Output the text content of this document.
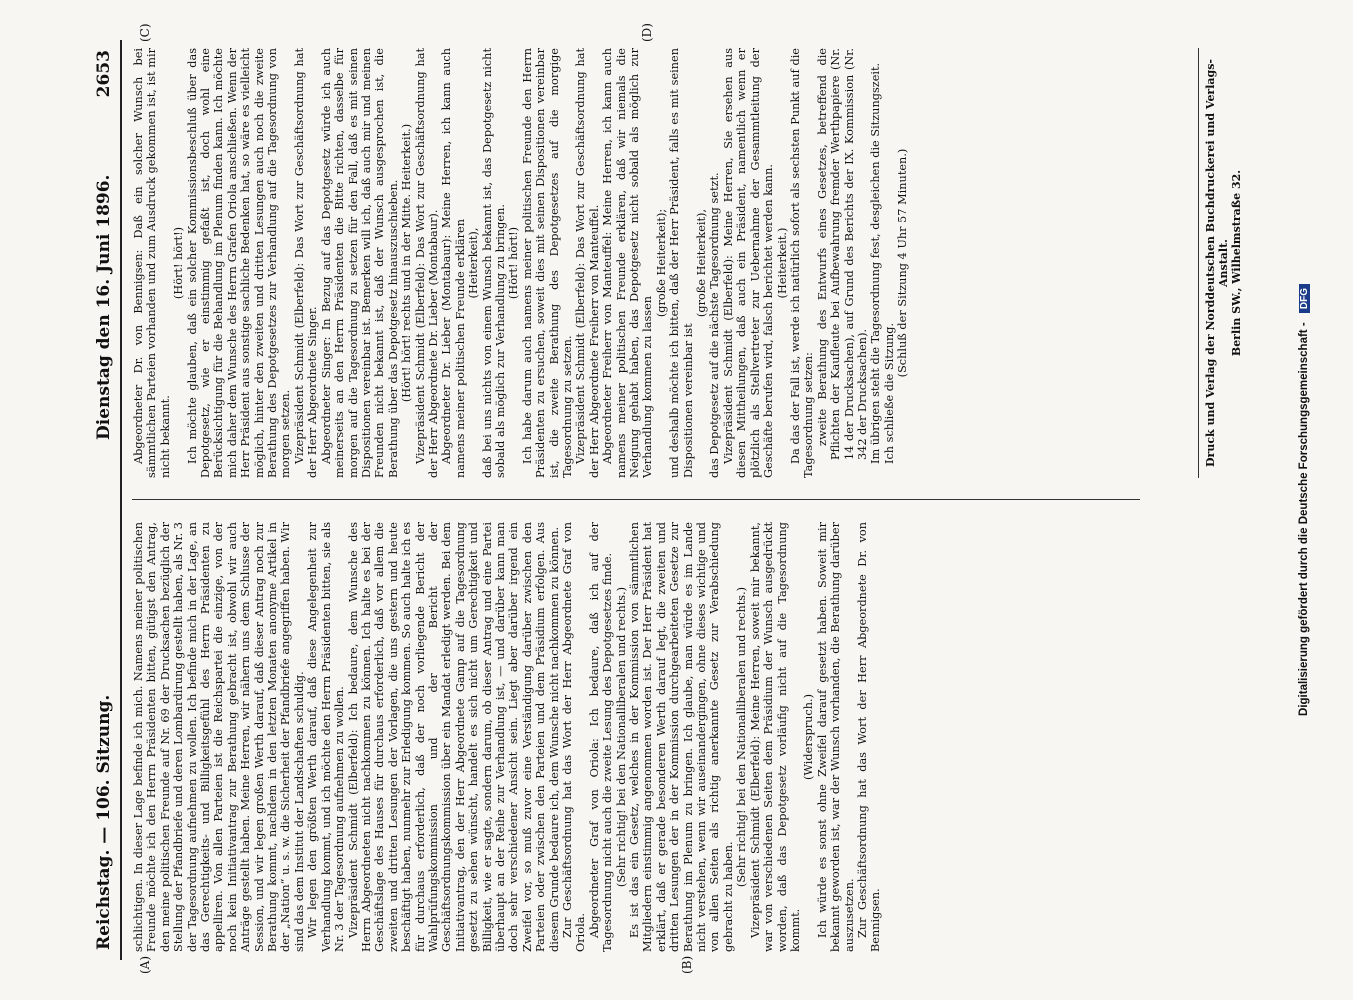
Reichstag. — 106. Sitzung.
Dienstag den 16. Juni 1896.
2653
(A)	(B)
(C)	(D)

schlichtigen. In dieser Lage befinde ich mich. Namens meiner politischen Freunde möchte ich den Herrn Präsidenten bitten, gütigst den Antrag, den meine politischen Freunde auf Nr. 69 der Drucksachen bezüglich der Stellung der Pfandbriefe und deren Lombardirung gestellt haben, als Nr. 3 der Tagesordnung aufnehmen zu wollen. Ich befinde mich in der Lage, an das Gerechtigkeits- und Billigkeitsgefühl des Herrn Präsidenten zu appelliren. Von allen Parteien ist die Reichspartei die einzige, von der noch kein Initiativantrag zur Berathung gebracht ist, obwohl wir auch Anträge gestellt haben. Meine Herren, wir nähern uns dem Schlusse der Session, und wir legen großen Werth darauf, daß dieser Antrag noch zur Berathung kommt, nachdem in den letzten Monaten anonyme Artikel in der „Nation“ u. s. w. die Sicherheit der Pfandbriefe angegriffen haben. Wir sind das dem Institut der Landschaften schuldig. Wir legen den größten Werth darauf, daß diese Angelegenheit zur Verhandlung kommt, und ich möchte den Herrn Präsidenten bitten, sie als Nr. 3 der Tagesordnung aufnehmen zu wollen. Vizepräsident Schmidt (Elberfeld): Ich bedaure, dem Wunsche des Herrn Abgeordneten nicht nachkommen zu können. Ich halte es bei der Geschäftslage des Hauses für durchaus erforderlich, daß vor allem die zweiten und dritten Lesungen der Vorlagen, die uns gestern und heute beschäftigt haben, nunmehr zur Erledigung kommen. So auch halte ich es für durchaus erforderlich, daß der noch vorliegende Bericht der Wahlprüfungskommission und der Bericht der Geschäftsordnungskommission über ein Mandat erledigt werden. Bei dem Initiativantrag, den der Herr Abgeordnete Gamp auf die Tagesordnung gesetzt zu sehen wünscht, handelt es sich nicht um Gerechtigkeit und Billigkeit, wie er sagte, sondern darum, ob dieser Antrag und eine Partei überhaupt an der Reihe zur Verhandlung ist, — und darüber kann man doch sehr verschiedener Ansicht sein. Liegt aber darüber irgend ein Zweifel vor, so muß zuvor eine Verständigung darüber zwischen den Parteien oder zwischen den Parteien und dem Präsidium erfolgen. Aus diesem Grunde bedaure ich, dem Wunsche nicht nachkommen zu können. Zur Geschäftsordnung hat das Wort der Herr Abgeordnete Graf von Oriola. Abgeordneter Graf von Oriola: Ich bedaure, daß ich auf der Tagesordnung nicht auch die zweite Lesung des Depotgesetzes finde. (Sehr richtig! bei den Nationalliberalen und rechts.) Es ist das ein Gesetz, welches in der Kommission von sämmtlichen Mitgliedern einstimmig angenommen worden ist. Der Herr Präsident hat erklärt, daß er gerade besonderen Werth darauf legt, die zweiten und dritten Lesungen der in der Kommission durchgearbeiteten Gesetze zur Berathung im Plenum zu bringen. Ich glaube, man würde es im Lande nicht verstehen, wenn wir auseinandergingen, ohne dieses wichtige und von allen Seiten als richtig anerkannte Gesetz zur Verabschiedung gebracht zu haben.

(Sehr richtig! bei den Nationalliberalen und rechts.) Vizepräsident Schmidt (Elberfeld): Meine Herren, soweit mir bekannt, war von verschiedenen Seiten dem Präsidium der Wunsch ausgedrückt worden, daß das Depotgesetz vorläufig nicht auf die Tagesordnung kommt.

(Widerspruch.) Ich würde es sonst ohne Zweifel darauf gesetzt haben. Soweit mir bekannt geworden ist, war der Wunsch vorhanden, die Berathung darüber auszusetzen. Zur Geschäftsordnung hat das Wort der Herr Abgeordnete Dr. von Bennigsen.

Abgeordneter Dr. von Bennigsen: Daß ein solcher Wunsch bei sämmtlichen Parteien vorhanden und zum Ausdruck gekommen ist, ist mir nicht bekannt.

(Hört! hört!) Ich möchte glauben, daß ein solcher Kommissionsbeschluß über das Depotgesetz, wie er einstimmig gefaßt ist, doch wohl eine Berücksichtigung für die Behandlung im Plenum finden kann. Ich möchte mich daher dem Wunsche des Herrn Grafen Oriola anschließen. Wenn der Herr Präsident aus sonstige sachliche Bedenken hat, so wäre es vielleicht möglich, hinter den zweiten und dritten Lesungen auch noch die zweite Berathung des Depotgesetzes zur Verhandlung auf die Tagesordnung von morgen setzen. Vizepräsident Schmidt (Elberfeld): Das Wort zur Geschäftsordnung hat der Herr Abgeordnete Singer. Abgeordneter Singer: In Bezug auf das Depotgesetz würde ich auch meinerseits an den Herrn Präsidenten die Bitte richten, dasselbe für morgen auf die Tagesordnung zu setzen für den Fall, daß es mit seinen Dispositionen vereinbar ist. Bemerken will ich, daß auch mir und meinen Freunden nicht bekannt ist, daß der Wunsch ausgesprochen ist, die Berathung über das Depotgesetz hinauszuschieben. (Hört! hört! rechts und in der Mitte. Heiterkeit.) Vizepräsident Schmidt (Elberfeld): Das Wort zur Geschäftsordnung hat der Herr Abgeordnete Dr. Lieber (Montabaur). Abgeordneter Dr. Lieber (Montabaur): Meine Herren, ich kann auch namens meiner politischen Freunde erklären (Heiterkeit), daß bei uns nichts von einem Wunsch bekannt ist, das Depotgesetz nicht sobald als möglich zur Verhandlung zu bringen. (Hört! hört!) Ich habe darum auch namens meiner politischen Freunde den Herrn Präsidenten zu ersuchen, soweit dies mit seinen Dispositionen vereinbar ist, die zweite Berathung des Depotgesetzes auf die morgige Tagesordnung zu setzen. Vizepräsident Schmidt (Elberfeld): Das Wort zur Geschäftsordnung hat der Herr Abgeordnete Freiherr von Manteuffel. Abgeordneter Freiherr von Manteuffel: Meine Herren, ich kann auch namens meiner politischen Freunde erklären, daß wir niemals die Neigung gehabt haben, das Depotgesetz nicht sobald als möglich zur Verhandlung kommen zu lassen

(große Heiterkeit); und deshalb möchte ich bitten, daß der Herr Präsident, falls es mit seinen Dispositionen vereinbar ist

(große Heiterkeit), das Depotgesetz auf die nächste Tagesordnung setzt. Vizepräsident Schmidt (Elberfeld): Meine Herren, Sie ersehen aus diesen Mittheilungen, daß auch ein Präsident, namentlich wenn er plötzlich als Stellvertreter zur Uebernahme der Gesammtleitung der Geschäfte berufen wird, falsch berichtet werden kann. (Heiterkeit.) Da das der Fall ist, werde ich natürlich sofort als sechsten Punkt auf die Tagesordnung setzen: zweite Berathung des Entwurfs eines Gesetzes, betreffend die Pflichten der Kaufleute bei Aufbewahrung fremder Werthpapiere (Nr. 14 der Drucksachen), auf Grund des Berichts der IX. Kommission (Nr. 342 der Drucksachen). Im übrigen steht die Tagesordnung fest, desgleichen die Sitzungszeit. Ich schließe die Sitzung.

(Schluß der Sitzung 4 Uhr 57 Minuten.)	Druck und Verlag der Norddeutschen Buchdruckerei und Verlags-Anstalt. Berlin SW., Wilhelmstraße 32.
Digitalisierung gefördert durch die Deutsche Forschungsgemeinschaft - DFG
